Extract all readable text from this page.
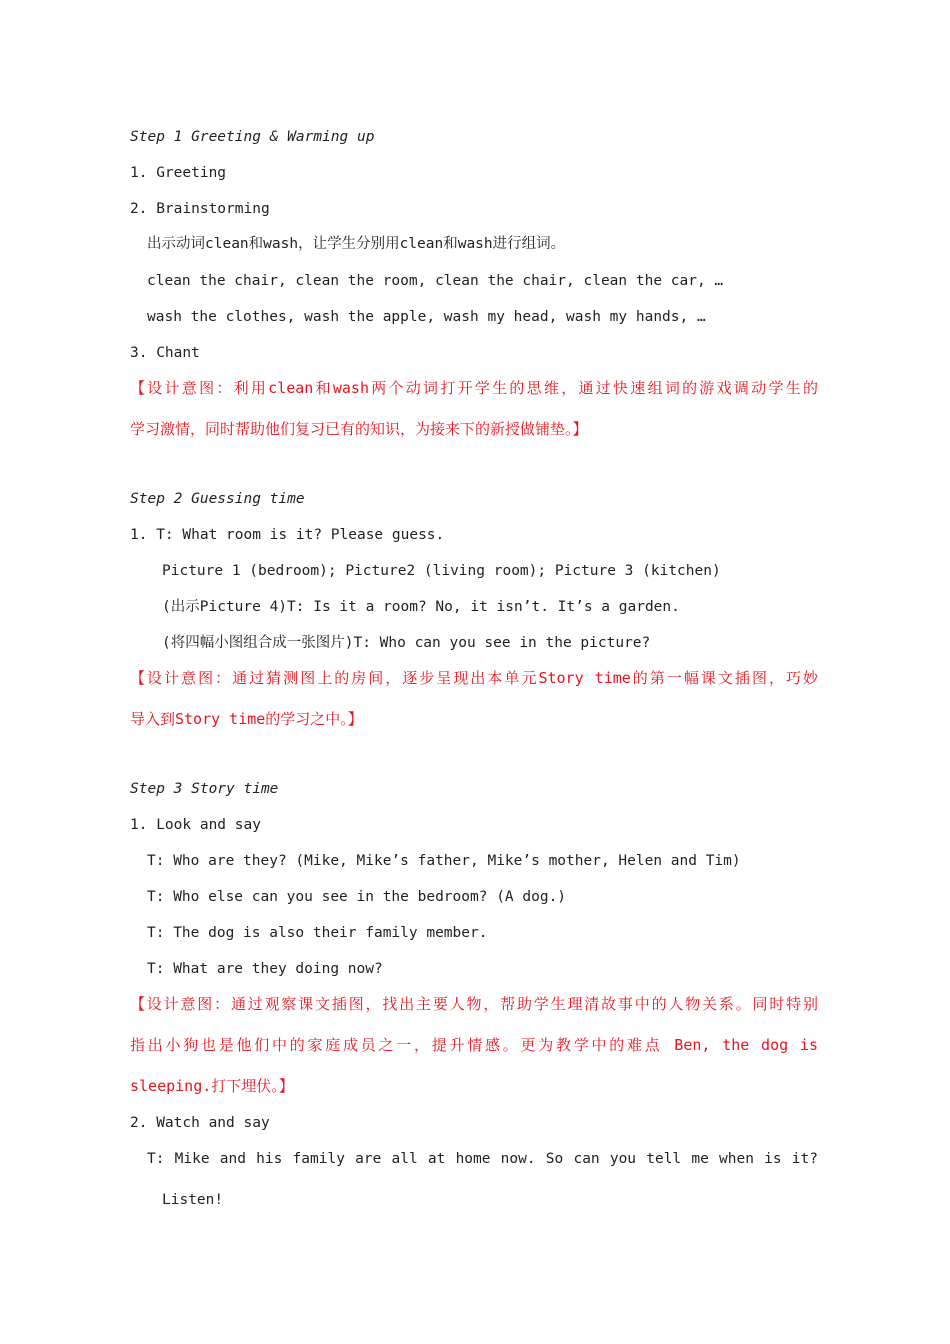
Step 1 Greeting & Warming up

1. Greeting

2. Brainstorming

出示动词clean和wash，让学生分别用clean和wash进行组词。

clean the chair, clean the room, clean the chair, clean the car, …

wash the clothes, wash the apple, wash my head, wash my hands, …

3. Chant

【设计意图：利用clean和wash两个动词打开学生的思维，通过快速组词的游戏调动学生的

学习激情，同时帮助他们复习已有的知识，为接来下的新授做铺垫。】

Step 2 Guessing time

1. T: What room is it? Please guess.

Picture 1 (bedroom); Picture2 (living room); Picture 3 (kitchen)

(出示Picture 4)T: Is it a room? No, it isn’t. It’s a garden.

(将四幅小图组合成一张图片)T: Who can you see in the picture?

【设计意图：通过猜测图上的房间，逐步呈现出本单元Story time的第一幅课文插图，巧妙

导入到Story time的学习之中。】

Step 3 Story time

1. Look and say

T: Who are they? (Mike, Mike’s father, Mike’s mother, Helen and Tim)

T: Who else can you see in the bedroom? (A dog.)

T: The dog is also their family member.

T: What are they doing now?

【设计意图：通过观察课文插图，找出主要人物，帮助学生理清故事中的人物关系。同时特别

指出小狗也是他们中的家庭成员之一，提升情感。更为教学中的难点 Ben, the dog is

sleeping.打下埋伏。】

2. Watch and say

T: Mike and his family are all at home now. So can you tell me when is it?

Listen!
